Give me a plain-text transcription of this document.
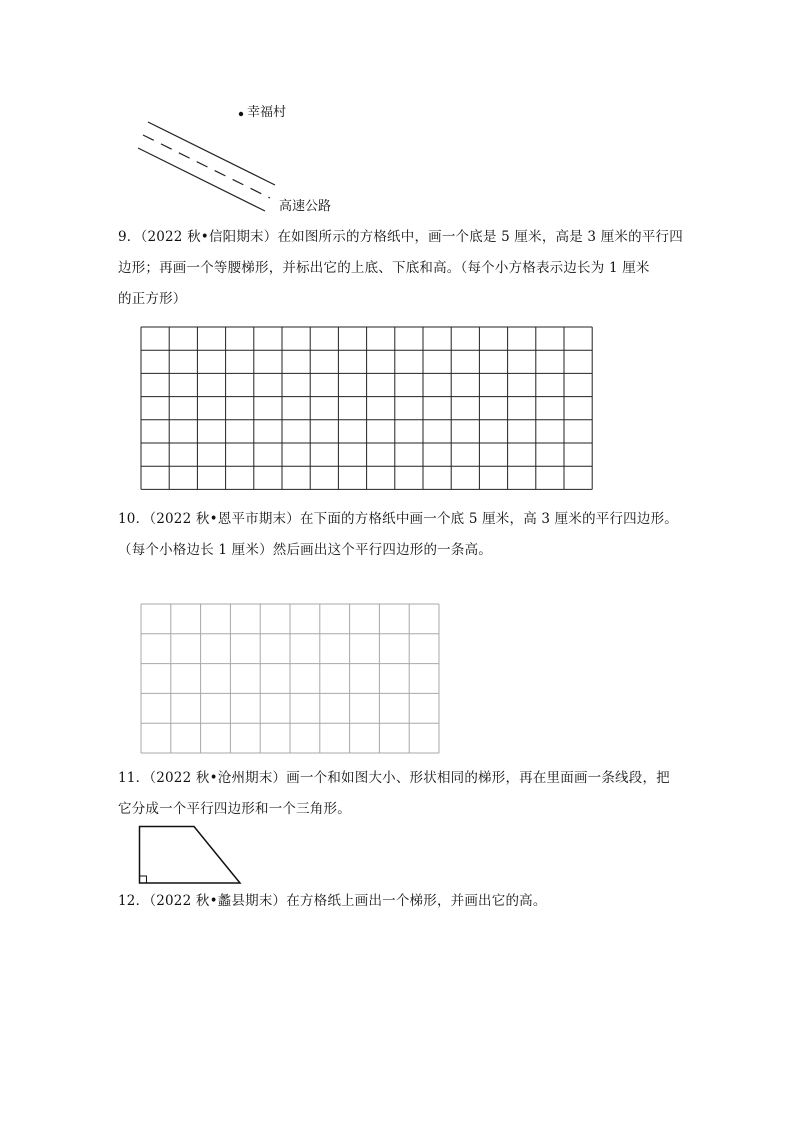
幸福村
高速公路

9．（2022 秋•信阳期末）在如图所示的方格纸中，画一个底是 5 厘米，高是 3 厘米的平行四

边形；再画一个等腰梯形，并标出它的上底、下底和高。（每个小方格表示边长为 1 厘米

的正方形）

10．（2022 秋•恩平市期末）在下面的方格纸中画一个底 5 厘米，高 3 厘米的平行四边形。

（每个小格边长 1 厘米）然后画出这个平行四边形的一条高。

11．（2022 秋•沧州期末）画一个和如图大小、形状相同的梯形，再在里面画一条线段，把

它分成一个平行四边形和一个三角形。

12．（2022 秋•蠡县期末）在方格纸上画出一个梯形，并画出它的高。
